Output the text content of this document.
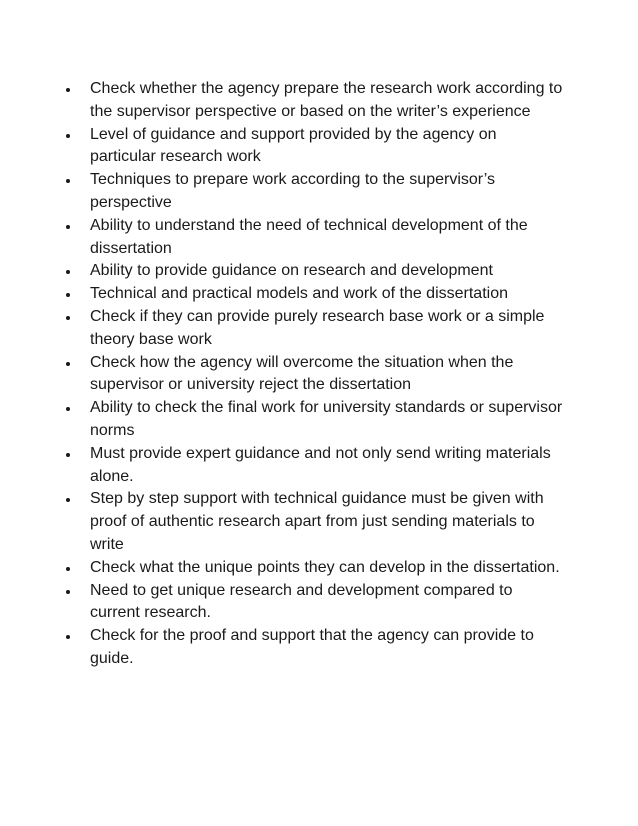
Check whether the agency prepare the research work according to the supervisor perspective or based on the writer’s experience
Level of guidance and support provided by the agency on particular research work
Techniques to prepare work according to the supervisor’s perspective
Ability to understand the need of technical development of the dissertation
Ability to provide guidance on research and development
Technical and practical models and work of the dissertation
Check if they can provide purely research base work or a simple theory base work
Check how the agency will overcome the situation when the supervisor or university reject the dissertation
Ability to check the final work for university standards or supervisor norms
Must provide expert guidance and not only send writing materials alone.
Step by step support with technical guidance must be given with proof of authentic research apart from just sending materials to write
Check what the unique points they can develop in the dissertation.
Need to get unique research and development compared to current research.
Check for the proof and support that the agency can provide to guide.
